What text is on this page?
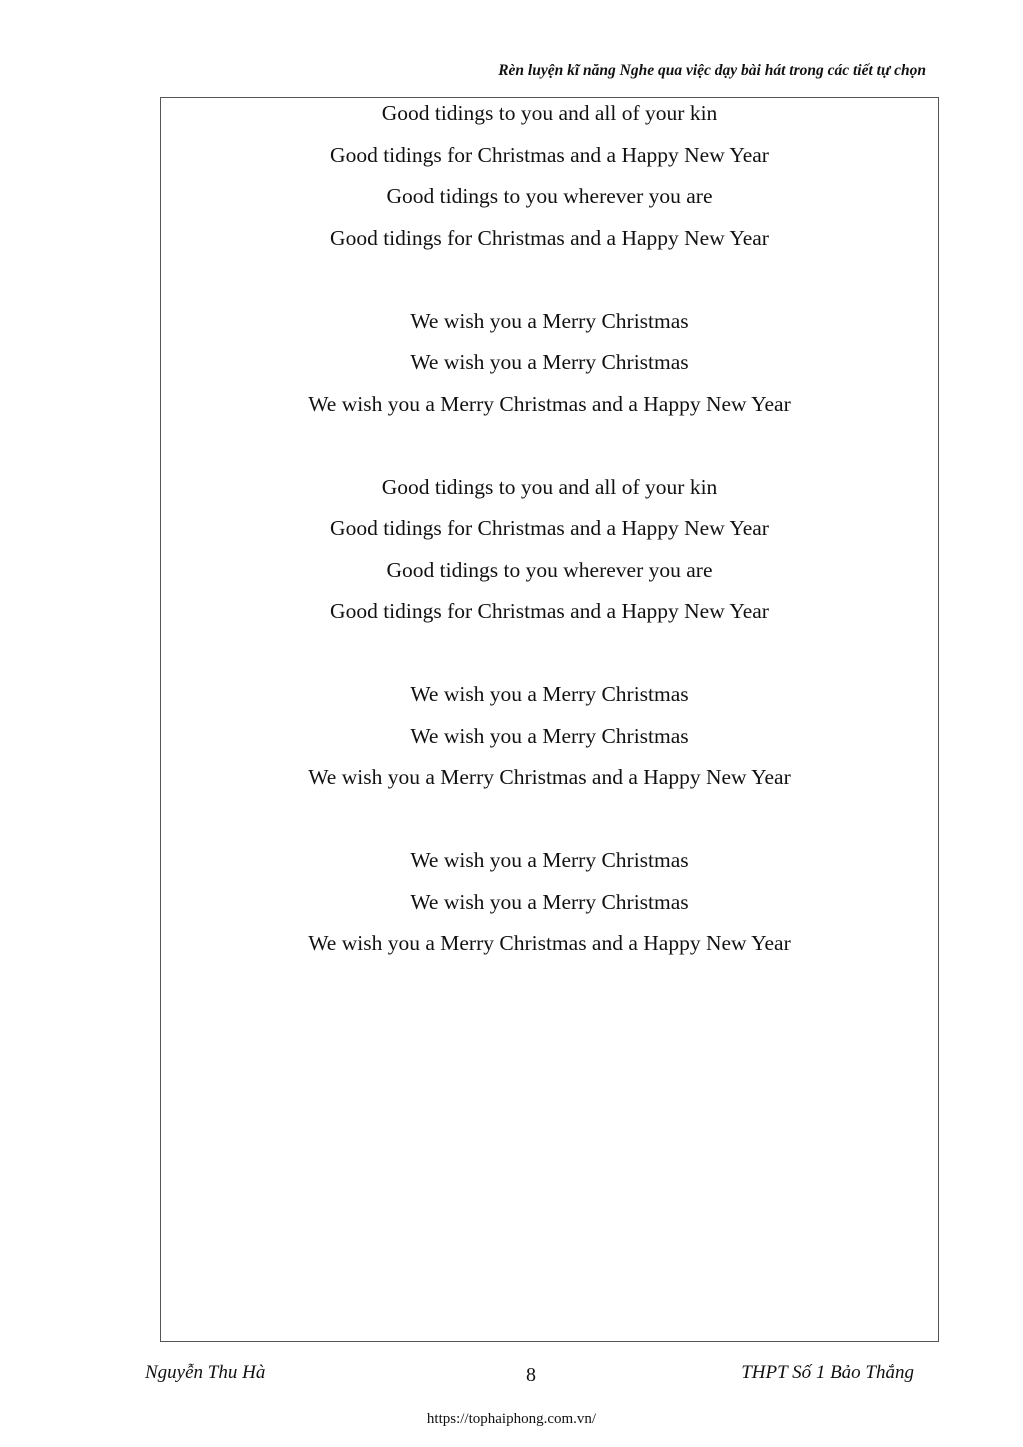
Rèn luyện kĩ năng Nghe qua việc dạy bài hát trong các tiết tự chọn
Good tidings to you and all of your kin
Good tidings for Christmas and a Happy New Year
Good tidings to you wherever you are
Good tidings for Christmas and a Happy New Year
We wish you a Merry Christmas
We wish you a Merry Christmas
We wish you a Merry Christmas and a Happy New Year
Good tidings to you and all of your kin
Good tidings for Christmas and a Happy New Year
Good tidings to you wherever you are
Good tidings for Christmas and a Happy New Year
We wish you a Merry Christmas
We wish you a Merry Christmas
We wish you a Merry Christmas and a Happy New Year
We wish you a Merry Christmas
We wish you a Merry Christmas
We wish you a Merry Christmas and a Happy New Year
Nguyễn Thu Hà	8	THPT Số 1 Bảo Thắng
https://tophaiphong.com.vn/
